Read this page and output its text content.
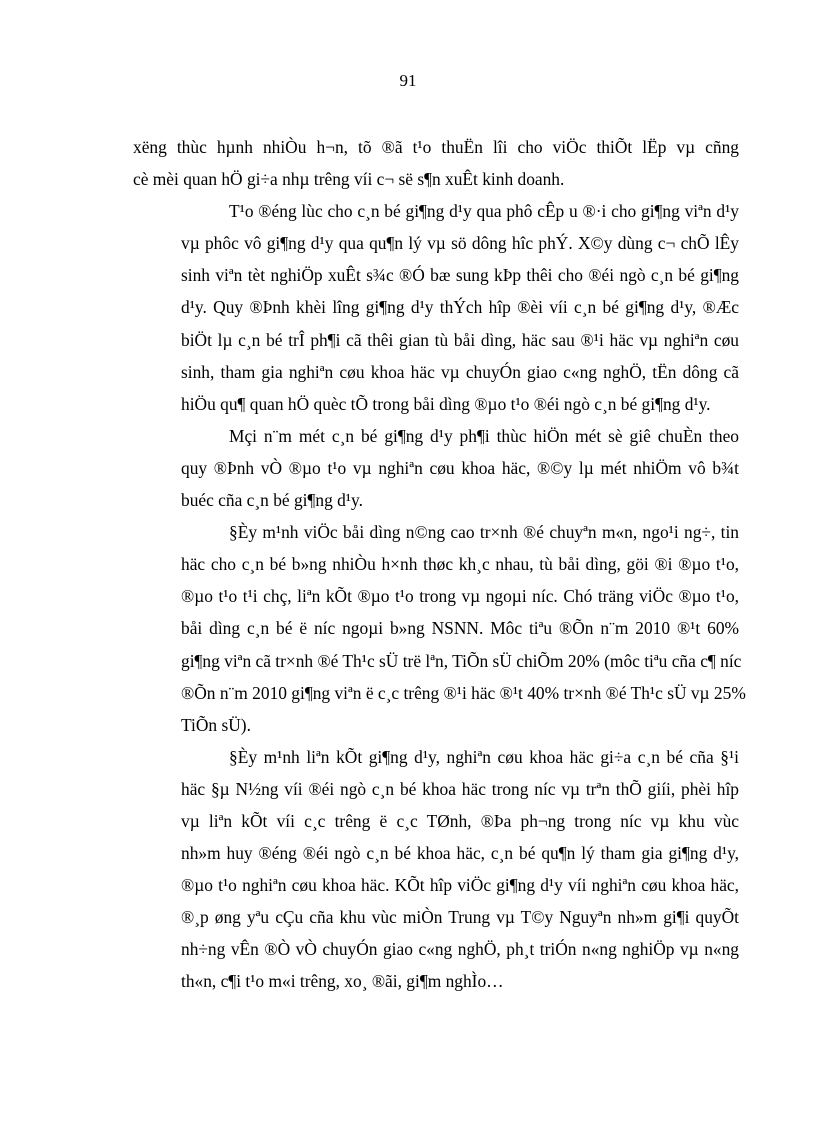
91
xëng thùc hµnh nhiÒu h¬n, tõ ®ã t¹o thuËn lîi cho viÖc thiÕt lËp vµ cñng
cè mèi quan hÖ gi÷a nhµ trêng víi c¬ së s¶n xuÊt kinh doanh.
T¹o ®éng lùc cho c¸n bé gi¶ng d¹y qua phô cÊp u ®·i cho gi¶ng viªn d¹y
vµ phôc vô gi¶ng d¹y qua qu¶n lý vµ sö dông hîc phÝ. X©y dùng c¬ chÕ lÊy
sinh viªn tèt nghiÖp xuÊt s¾c ®Ó bæ sung kÞp thêi cho ®éi ngò c¸n bé gi¶ng
d¹y. Quy ®Þnh khèi lîng gi¶ng d¹y thÝch hîp ®èi víi c¸n bé gi¶ng d¹y, ®Æc
biÖt lµ c¸n bé trÎ ph¶i cã thêi gian tù båi dìng, häc sau ®¹i häc vµ nghiªn cøu
sinh, tham gia nghiªn cøu khoa häc vµ chuyÓn giao c«ng nghÖ, tËn dông cã
hiÖu qu¶ quan hÖ quèc tÕ trong båi dìng ®µo t¹o ®éi ngò c¸n bé gi¶ng d¹y.
Mçi n¨m mét c¸n bé gi¶ng d¹y ph¶i thùc hiÖn mét sè giê chuÈn theo
quy ®Þnh vÒ ®µo t¹o vµ nghiªn cøu khoa häc, ®©y lµ mét nhiÖm vô b¾t
buéc cña c¸n bé gi¶ng d¹y.
§Èy m¹nh viÖc båi dìng n©ng cao tr×nh ®é chuyªn m«n, ngo¹i ng÷, tin
häc cho c¸n bé b»ng nhiÒu h×nh thøc kh¸c nhau, tù båi dìng, göi ®i ®µo t¹o,
®µo t¹o t¹i chç, liªn kÕt ®µo t¹o trong vµ ngoµi níc. Chó träng viÖc ®µo t¹o,
båi dìng c¸n bé ë níc ngoµi b»ng NSNN. Môc tiªu ®Õn n¨m 2010 ®¹t 60%
gi¶ng viªn cã tr×nh ®é Th¹c sÜ trë lªn, TiÕn sÜ chiÕm 20% (môc tiªu cña c¶ níc
®Õn n¨m 2010 gi¶ng viªn ë c¸c trêng ®¹i häc ®¹t 40% tr×nh ®é Th¹c sÜ vµ 25%
TiÕn sÜ).
§Èy m¹nh liªn kÕt gi¶ng d¹y, nghiªn cøu khoa häc gi÷a c¸n bé cña §¹i
häc §µ N½ng víi ®éi ngò c¸n bé khoa häc trong níc vµ trªn thÕ giíi, phèi hîp
vµ liªn kÕt víi c¸c trêng ë c¸c TØnh, ®Þa ph¬ng trong níc vµ khu vùc
nh»m huy ®éng ®éi ngò c¸n bé khoa häc, c¸n bé qu¶n lý tham gia gi¶ng d¹y,
®µo t¹o nghiªn cøu khoa häc. KÕt hîp viÖc gi¶ng d¹y víi nghiªn cøu khoa häc,
®¸p øng yªu cÇu cña khu vùc miÒn Trung vµ T©y Nguyªn nh»m gi¶i quyÕt
nh÷ng vÊn ®Ò vÒ chuyÓn giao c«ng nghÖ, ph¸t triÓn n«ng nghiÖp vµ n«ng
th«n, c¶i t¹o m«i trêng, xo¸ ®ãi, gi¶m nghÌo…
